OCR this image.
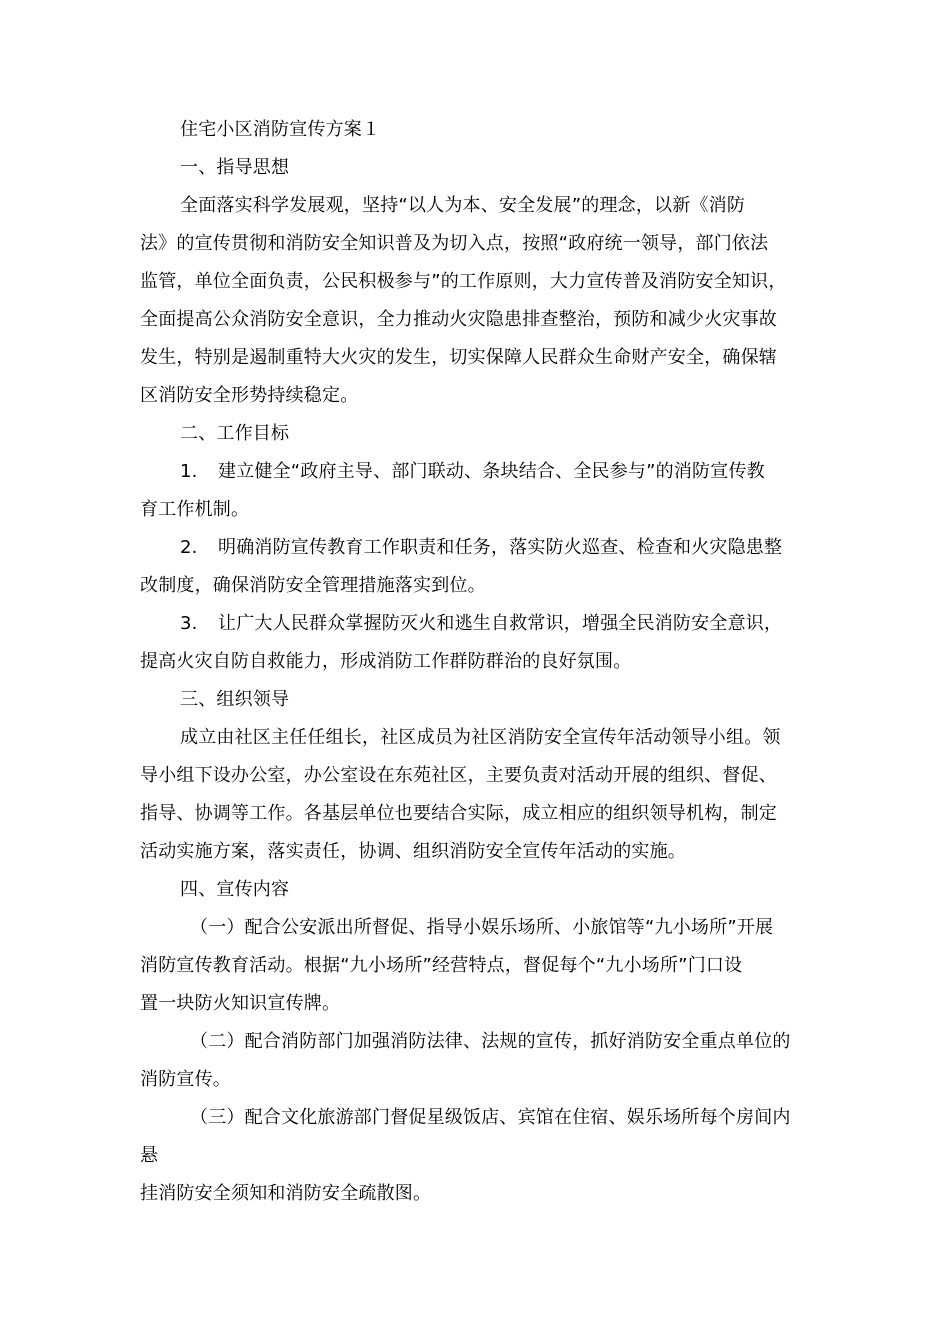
住宅小区消防宣传方案１
一、指导思想
全面落实科学发展观，坚持“以人为本、安全发展”的理念，以新《消防
法》的宣传贯彻和消防安全知识普及为切入点，按照“政府统一领导，部门依法
监管，单位全面负责，公民积极参与”的工作原则，大力宣传普及消防安全知识，
全面提高公众消防安全意识，全力推动火灾隐患排查整治，预防和减少火灾事故
发生，特别是遏制重特大火灾的发生，切实保障人民群众生命财产安全，确保辖
区消防安全形势持续稳定。
二、工作目标
1. 建立健全“政府主导、部门联动、条块结合、全民参与”的消防宣传教
育工作机制。
2. 明确消防宣传教育工作职责和任务，落实防火巡查、检查和火灾隐患整
改制度，确保消防安全管理措施落实到位。
3. 让广大人民群众掌握防灭火和逃生自救常识，增强全民消防安全意识，
提高火灾自防自救能力，形成消防工作群防群治的良好氛围。
三、组织领导
成立由社区主任任组长，社区成员为社区消防安全宣传年活动领导小组。领
导小组下设办公室，办公室设在东苑社区，主要负责对活动开展的组织、督促、
指导、协调等工作。各基层单位也要结合实际，成立相应的组织领导机构，制定
活动实施方案，落实责任，协调、组织消防安全宣传年活动的实施。
四、宣传内容
（一）配合公安派出所督促、指导小娱乐场所、小旅馆等“九小场所”开展
消防宣传教育活动。根据“九小场所”经营特点，督促每个“九小场所”门口设
置一块防火知识宣传牌。
（二）配合消防部门加强消防法律、法规的宣传，抓好消防安全重点单位的
消防宣传。
（三）配合文化旅游部门督促星级饭店、宾馆在住宿、娱乐场所每个房间内
悬
挂消防安全须知和消防安全疏散图。
